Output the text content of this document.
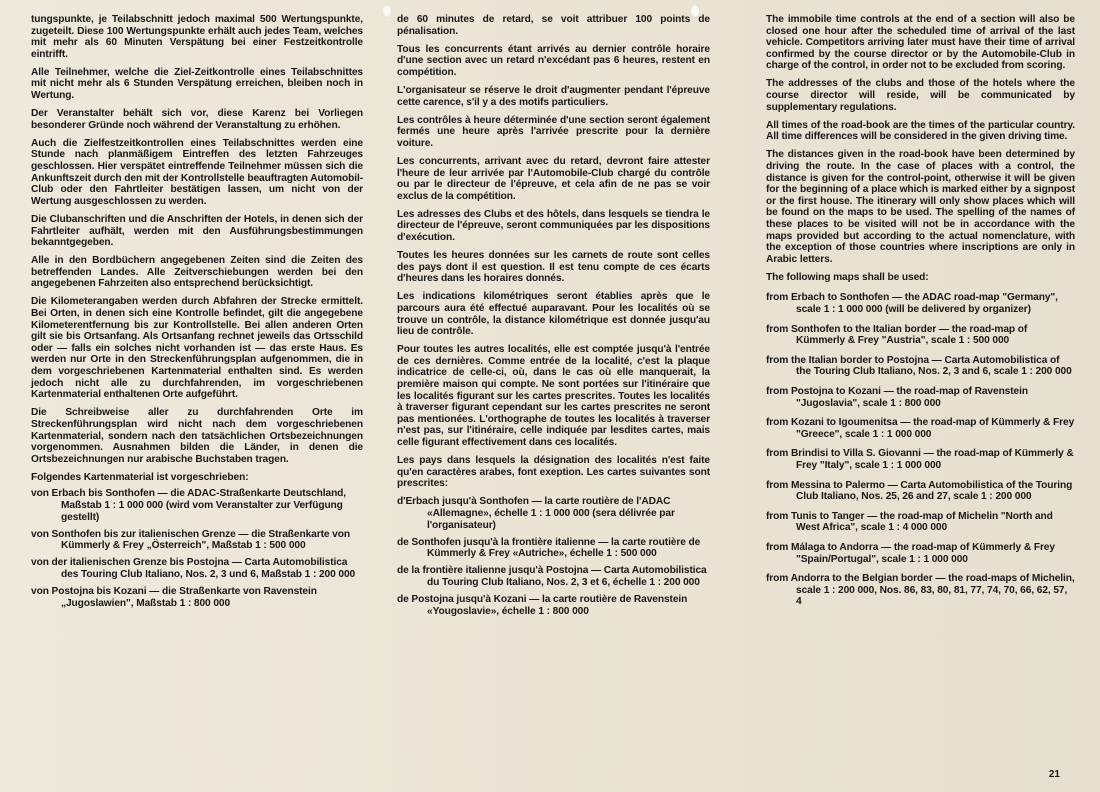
tungspunkte, je Teilabschnitt jedoch maximal 500 Wertungspunkte, zugeteilt. Diese 100 Wertungspunkte erhält auch jedes Team, welches mit mehr als 60 Minuten Verspätung bei einer Festzeitkontrolle eintrifft.

Alle Teilnehmer, welche die Ziel-Zeitkontrolle eines Teilabschnittes mit nicht mehr als 6 Stunden Verspätung erreichen, bleiben noch in Wertung.

Der Veranstalter behält sich vor, diese Karenz bei Vorliegen besonderer Gründe noch während der Veranstaltung zu erhöhen.

Auch die Zielfestzeitkontrollen eines Teilabschnittes werden eine Stunde nach planmäßigem Eintreffen des letzten Fahrzeuges geschlossen. Hier verspätet eintreffende Teilnehmer müssen sich die Ankunftszeit durch den mit der Kontrollstelle beauftragten Automobil-Club oder den Fahrtleiter bestätigen lassen, um nicht von der Wertung ausgeschlossen zu werden.

Die Clubanschriften und die Anschriften der Hotels, in denen sich der Fahrtleiter aufhält, werden mit den Ausführungsbestimmungen bekanntgegeben.

Alle in den Bordbüchern angegebenen Zeiten sind die Zeiten des betreffenden Landes. Alle Zeitverschiebungen werden bei den angegebenen Fahrzeiten also entsprechend berücksichtigt.

Die Kilometerangaben werden durch Abfahren der Strecke ermittelt. Bei Orten, in denen sich eine Kontrolle befindet, gilt die angegebene Kilometerentfernung bis zur Kontrollstelle. Bei allen anderen Orten gilt sie bis Ortsanfang. Als Ortsanfang rechnet jeweils das Ortsschild oder — falls ein solches nicht vorhanden ist — das erste Haus. Es werden nur Orte in den Streckenführungsplan aufgenommen, die in dem vorgeschriebenen Kartenmaterial enthalten sind. Es werden jedoch nicht alle zu durchfahrenden, im vorgeschriebenen Kartenmaterial enthaltenen Orte aufgeführt.

Die Schreibweise aller zu durchfahrenden Orte im Streckenführungsplan wird nicht nach dem vorgeschriebenen Kartenmaterial, sondern nach den tatsächlichen Ortsbezeichnungen vorgenommen. Ausnahmen bilden die Länder, in denen die Ortsbezeichnungen nur arabische Buchstaben tragen.

Folgendes Kartenmaterial ist vorgeschrieben:

von Erbach bis Sonthofen — die ADAC-Straßenkarte Deutschland, Maßstab 1 : 1 000 000 (wird vom Veranstalter zur Verfügung gestellt)

von Sonthofen bis zur italienischen Grenze — die Straßenkarte von Kümmerly & Frey „Österreich", Maßstab 1 : 500 000

von der italienischen Grenze bis Postojna — Carta Automobilistica des Touring Club Italiano, Nos. 2, 3 und 6, Maßstab 1 : 200 000

von Postojna bis Kozani — die Straßenkarte von Ravenstein „Jugoslawien", Maßstab 1 : 800 000

de 60 minutes de retard, se voit attribuer 100 points de pénalisation.

Tous les concurrents étant arrivés au dernier contrôle horaire d'une section avec un retard n'excédant pas 6 heures, restent en compétition.

L'organisateur se réserve le droit d'augmenter pendant l'épreuve cette carence, s'il y a des motifs particuliers.

Les contrôles à heure déterminée d'une section seront également fermés une heure après l'arrivée prescrite pour la dernière voiture.

Les concurrents, arrivant avec du retard, devront faire attester l'heure de leur arrivée par l'Automobile-Club chargé du contrôle ou par le directeur de l'épreuve, et cela afin de ne pas se voir exclus de la compétition.

Les adresses des Clubs et des hôtels, dans lesquels se tiendra le directeur de l'épreuve, seront communiquées par les dispositions d'exécution.

Toutes les heures données sur les carnets de route sont celles des pays dont il est question. Il est tenu compte de ces écarts d'heures dans les horaires donnés.

Les indications kilométriques seront établies après que le parcours aura été effectué auparavant. Pour les localités où se trouve un contrôle, la distance kilométrique est donnée jusqu'au lieu de contrôle.

Pour toutes les autres localités, elle est comptée jusqu'à l'entrée de ces dernières. Comme entrée de la localité, c'est la plaque indicatrice de celle-ci, où, dans le cas où elle manquerait, la première maison qui compte. Ne sont portées sur l'itinéraire que les localités figurant sur les cartes prescrites. Toutes les localités à traverser figurant cependant sur les cartes prescrites ne seront pas mentionées. L'orthographe de toutes les localités à traverser n'est pas, sur l'itinéraire, celle indiquée par lesdites cartes, mais celle figurant effectivement dans ces localités.

Les pays dans lesquels la désignation des localités n'est faite qu'en caractères arabes, font exeption. Les cartes suivantes sont prescrites:

d'Erbach jusqu'à Sonthofen — la carte routière de l'ADAC «Allemagne», échelle 1 : 1 000 000 (sera délivrée par l'organisateur)

de Sonthofen jusqu'à la frontière italienne — la carte routière de Kümmerly & Frey «Autriche», échelle 1 : 500 000

de la frontière italienne jusqu'à Postojna — Carta Automobilistica du Touring Club Italiano, Nos. 2, 3 et 6, échelle 1 : 200 000

de Postojna jusqu'à Kozani — la carte routière de Ravenstein «Yougoslavie», échelle 1 : 800 000

The immobile time controls at the end of a section will also be closed one hour after the scheduled time of arrival of the last vehicle. Competitors arriving later must have their time of arrival confirmed by the course director or by the Automobile-Club in charge of the control, in order not to be excluded from scoring.

The addresses of the clubs and those of the hotels where the course director will reside, will be communicated by supplementary regulations.

All times of the road-book are the times of the particular country. All time differences will be considered in the given driving time.

The distances given in the road-book have been determined by driving the route. In the case of places with a control, the distance is given for the control-point, otherwise it will be given for the beginning of a place which is marked either by a signpost or the first house. The itinerary will only show places which will be found on the maps to be used. The spelling of the names of these places to be visited will not be in accordance with the maps provided but according to the actual nomenclature, with the exception of those countries where inscriptions are only in Arabic letters.

The following maps shall be used:

from Erbach to Sonthofen — the ADAC road-map "Germany", scale 1 : 1 000 000 (will be delivered by organizer)

from Sonthofen to the Italian border — the road-map of Kümmerly & Frey "Austria", scale 1 : 500 000

from the Italian border to Postojna — Carta Automobilistica of the Touring Club Italiano, Nos. 2, 3 and 6, scale 1 : 200 000

from Postojna to Kozani — the road-map of Ravenstein "Jugoslavia", scale 1 : 800 000

from Kozani to Igoumenitsa — the road-map of Kümmerly & Frey "Greece", scale 1 : 1 000 000

from Brindisi to Villa S. Giovanni — the road-map of Kümmerly & Frey "Italy", scale 1 : 1 000 000

from Messina to Palermo — Carta Automobilistica of the Touring Club Italiano, Nos. 25, 26 and 27, scale 1 : 200 000

from Tunis to Tanger — the road-map of Michelin "North and West Africa", scale 1 : 4 000 000

from Málaga to Andorra — the road-map of Kümmerly & Frey "Spain/Portugal", scale 1 : 1 000 000

from Andorra to the Belgian border — the road-maps of Michelin, scale 1 : 200 000, Nos. 86, 83, 80, 81, 77, 74, 70, 66, 62, 57, 4

21
